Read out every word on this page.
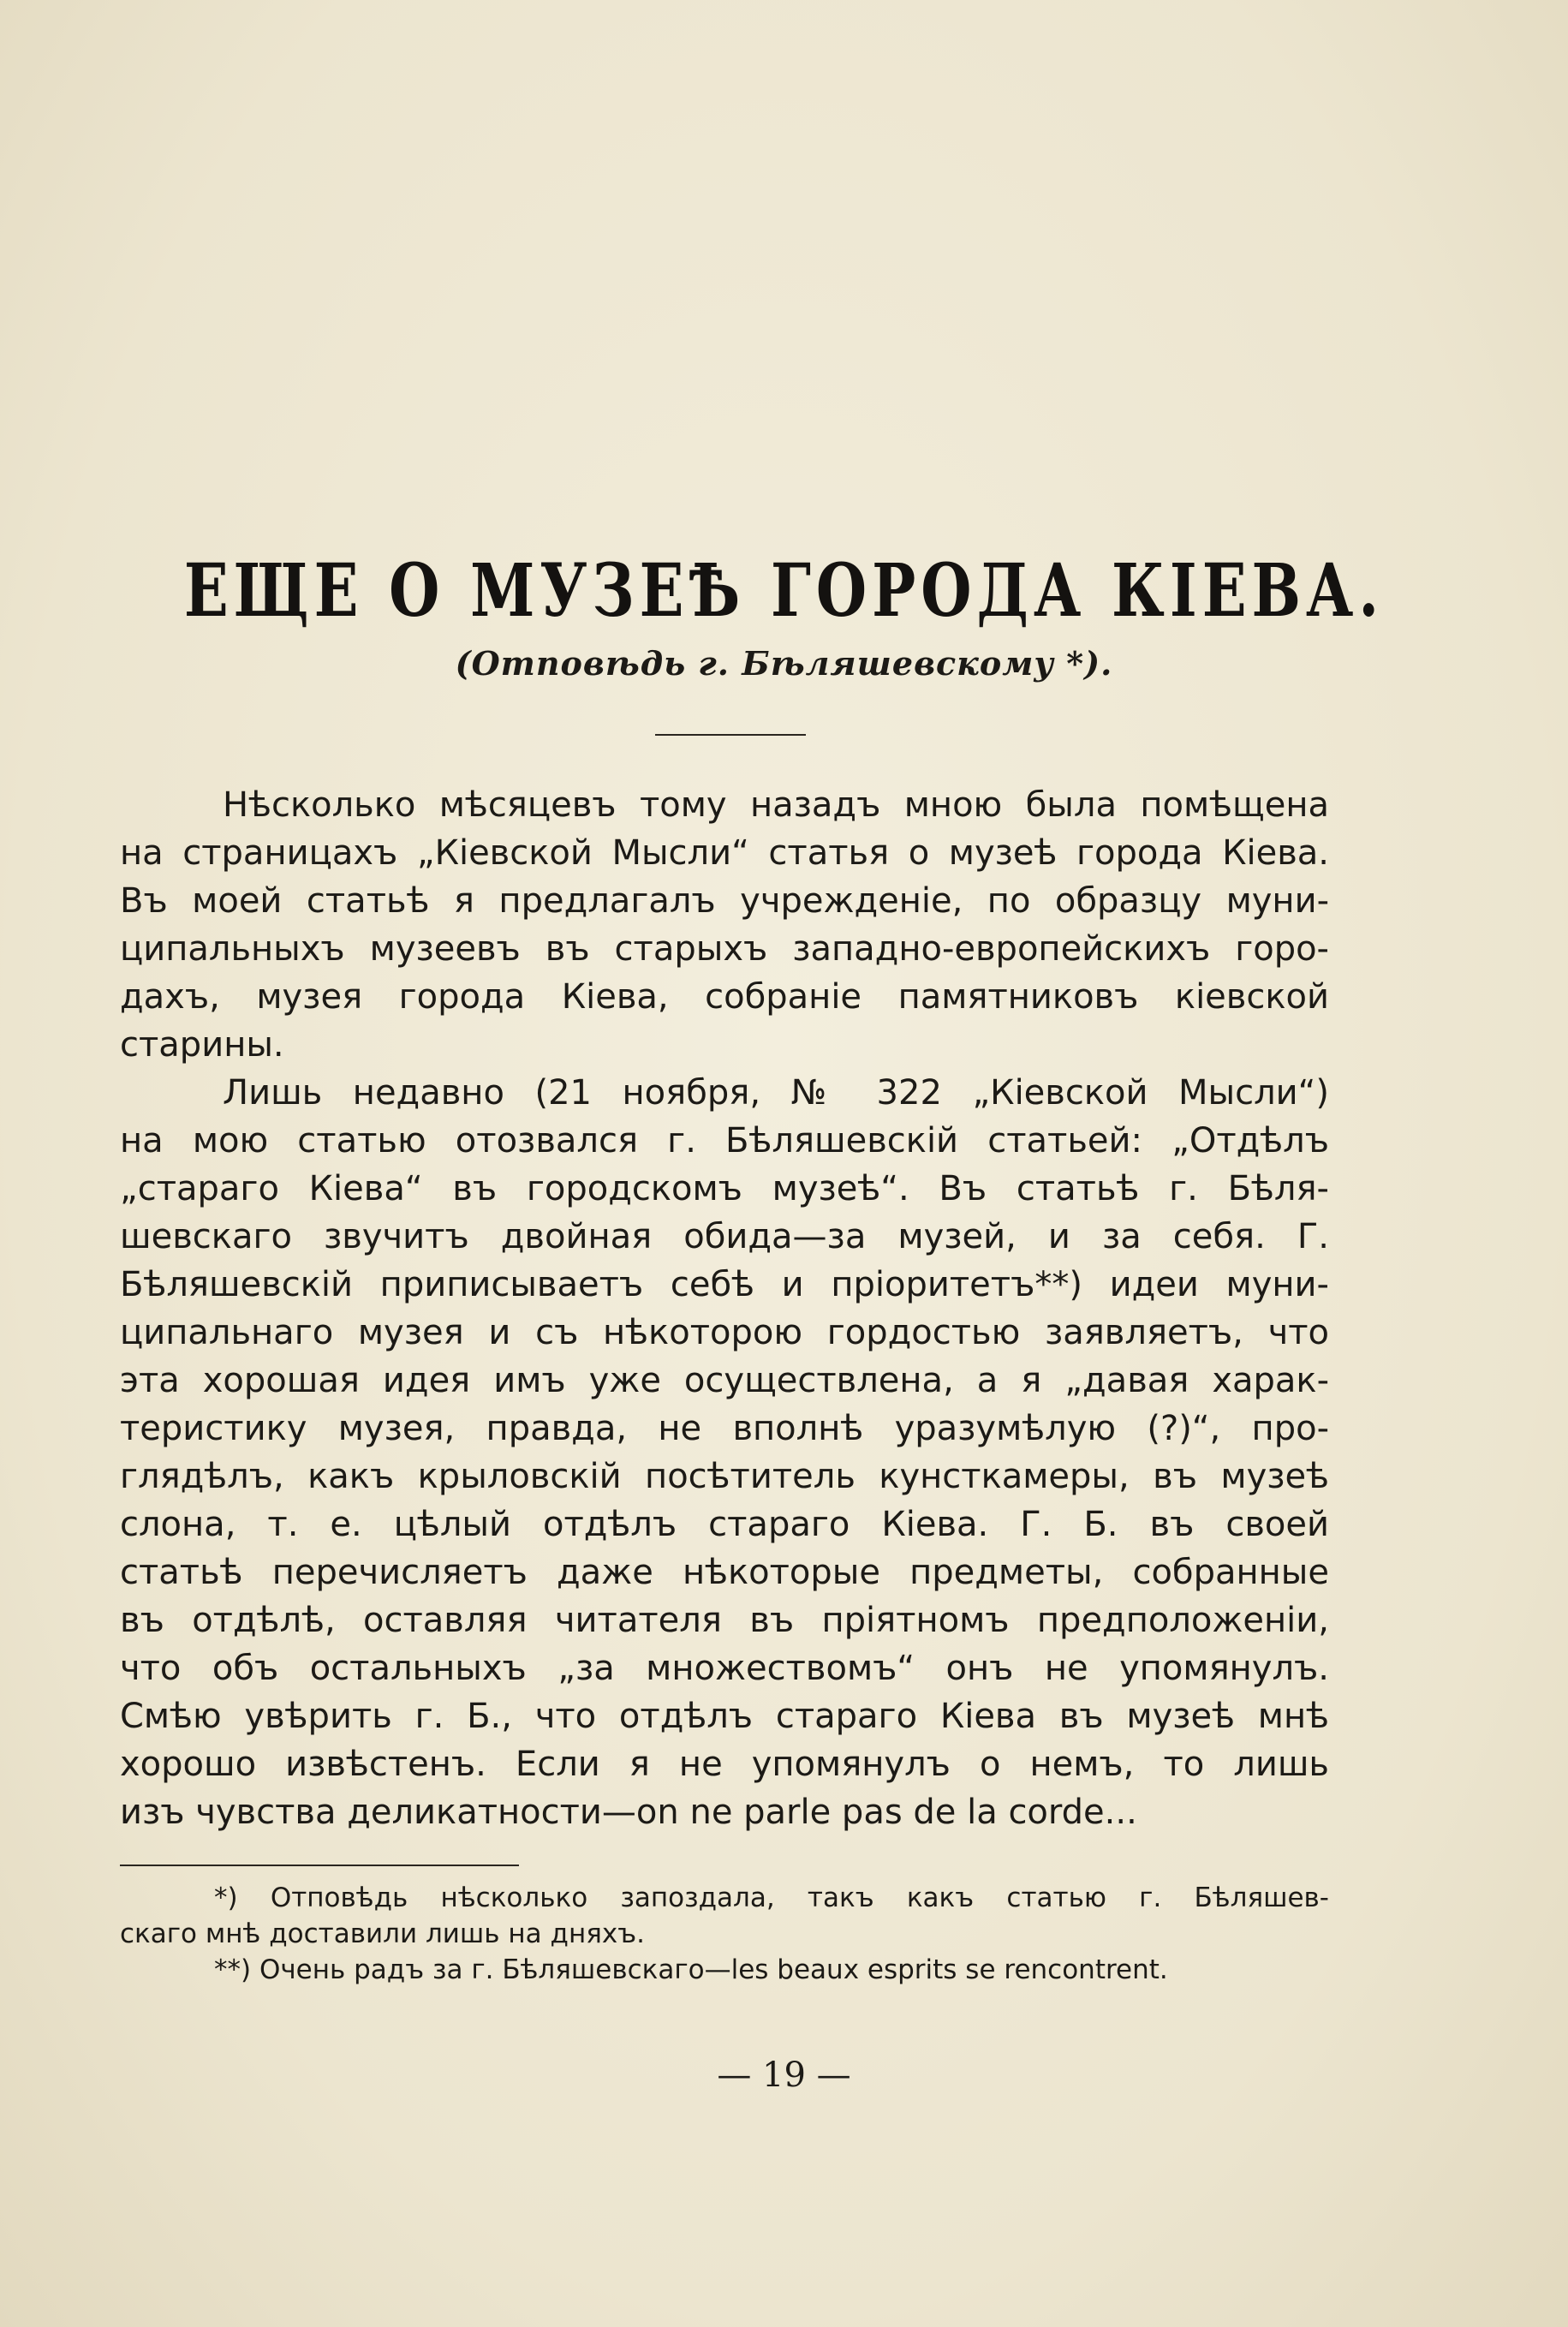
ЕЩЕ О МУЗЕѢ ГОРОДА КІЕВА.
(Отповѣдь г. Бѣляшевскому *).
Нѣсколько мѣсяцевъ тому назадъ мною была помѣщена
на страницахъ „Кіевской Мысли“ статья о музеѣ города Кіева.
Въ моей статьѣ я предлагалъ учрежденіе, по образцу муни-
ципальныхъ музеевъ въ старыхъ западно-европейскихъ горо-
дахъ, музея города Кіева, собраніе памятниковъ кіевской
старины.
Лишь недавно (21 ноября, № 322 „Кіевской Мысли“)
на мою статью отозвался г. Бѣляшевскій статьей: „Отдѣлъ
„стараго Кіева“ въ городскомъ музеѣ“. Въ статьѣ г. Бѣля-
шевскаго звучитъ двойная обида—за музей, и за себя. Г.
Бѣляшевскій приписываетъ себѣ и пріоритетъ**) идеи муни-
ципальнаго музея и съ нѣкоторою гордостью заявляетъ, что
эта хорошая идея имъ уже осуществлена, а я „давая харак-
теристику музея, правда, не вполнѣ уразумѣлую (?)“, про-
глядѣлъ, какъ крыловскій посѣтитель кунсткамеры, въ музеѣ
слона, т. е. цѣлый отдѣлъ стараго Кіева. Г. Б. въ своей
статьѣ перечисляетъ даже нѣкоторые предметы, собранные
въ отдѣлѣ, оставляя читателя въ пріятномъ предположеніи,
что объ остальныхъ „за множествомъ“ онъ не упомянулъ.
Смѣю увѣрить г. Б., что отдѣлъ стараго Кіева въ музеѣ мнѣ
хорошо извѣстенъ. Если я не упомянулъ о немъ, то лишь
изъ чувства деликатности—on ne parle pas de la corde...
*) Отповѣдь нѣсколько запоздала, такъ какъ статью г. Бѣляшев-
скаго мнѣ доставили лишь на дняхъ.
**) Очень радъ за г. Бѣляшевскаго—les beaux esprits se rencontrent.
— 19 —
